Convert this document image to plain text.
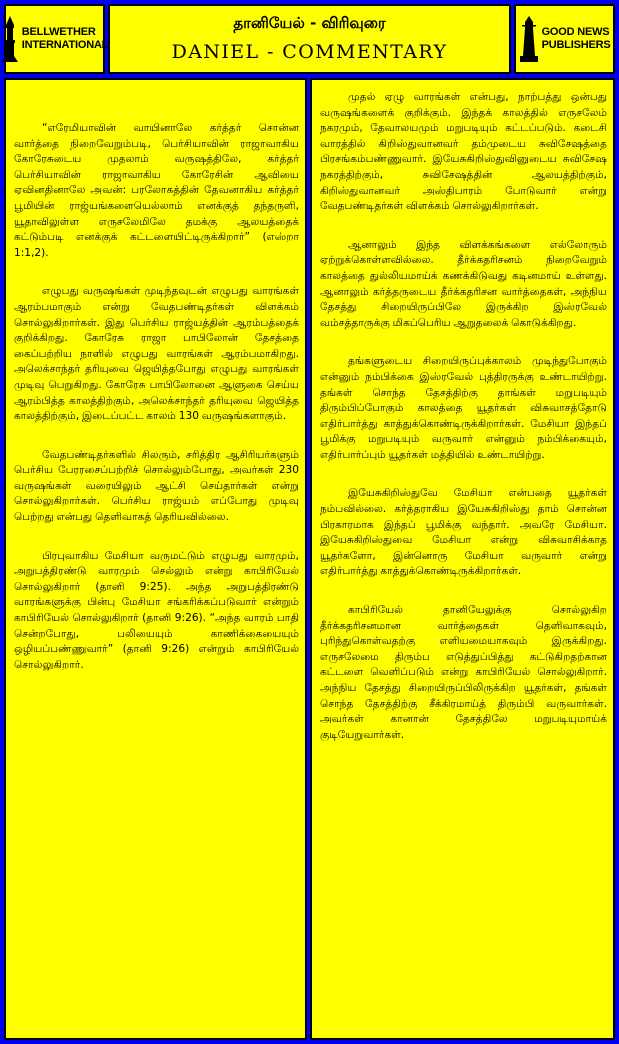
BELLWETHER INTERNATIONAL
தானியேல் - விரிவுரை
DANIEL - COMMENTARY
GOOD NEWS PUBLISHERS

“எரேமியாவின் வாயினாலே கர்த்தர் சொன்ன வார்த்தை நிறைவேறும்படி, பெர்சியாவின் ராஜாவாகிய கோரேசுடைய முதலாம் வருஷத்திலே, கர்த்தர் பெர்சியாவின் ராஜாவாகிய கோரேசின் ஆவியை ஏவினதினாலே அவன்: பரலோகத்தின் தேவனாகிய கர்த்தர் பூமியின் ராஜ்யங்களையெல்லாம் எனக்குத் தந்தருளி, யூதாவிலுள்ள எருசலேமிலே தமக்கு ஆலயத்தைக் கட்டும்படி எனக்குக் கட்டளையிட்டிருக்கிறார்” (எஸ்றா 1:1,2).

எழுபது வருஷங்கள் முடிந்தவுடன் எழுபது வாரங்கள் ஆரம்பமாகும் என்று வேதபண்டிதர்கள் விளக்கம் சொல்லுகிறார்கள். இது பெர்சிய ராஜ்யத்தின் ஆரம்பத்தைக் குறிக்கிறது. கோரேசு ராஜா பாபிலோன் தேசத்தை கைப்பற்றிய நாளில் எழுபது வாரங்கள் ஆரம்பமாகிறது. அலெக்சாந்தர் தரியுவை ஜெயித்தபோது எழுபது வாரங்கள் முடிவு பெறுகிறது. கோரேசு பாபிலோனை ஆளுகை செய்ய ஆரம்பித்த காலத்திற்கும், அலெக்சாந்தர் தரியுவை ஜெயித்த காலத்திற்கும், இடைப்பட்ட காலம் 130 வருஷங்களாகும்.

வேதபண்டிதர்களில் சிலரும், சரித்திர ஆசிரியர்களும் பெர்சிய பேரரசைப்பற்றிச் சொல்லும்போது, அவர்கள் 230 வருஷங்கள் வரையிலும் ஆட்சி செய்தார்கள் என்று சொல்லுகிறார்கள். பெர்சிய ராஜ்யம் எப்போது முடிவு பெற்றது என்பது தெளிவாகத் தெரியவில்லை.

பிரபுவாகிய மேசியா வருமட்டும் எழுபது வாரமும், அறுபத்திரண்டு வாரமும் செல்லும் என்று காபிரியேல் சொல்லுகிறார் (தானி 9:25). அந்த அறுபத்திரண்டு வாரங்களுக்கு பின்பு மேசியா சங்கரிக்கப்படுவார் என்றும் காபிரியேல் சொல்லுகிறார் (தானி 9:26). “அந்த வாரம் பாதி சென்றபோது, பலியையும் காணிக்கையையும் ஒழியப்பண்ணுவார்” (தானி 9:26) என்றும் காபிரியேல் சொல்லுகிறார்.

முதல் ஏழு வாரங்கள் என்பது, நாற்பத்து ஒன்பது வருஷங்களைக் குறிக்கும். இந்தக் காலத்தில் எருசலேம் நகரமும், தேவாலயமும் மறுபடியும் கட்டப்படும். கடைசி வாரத்தில் கிறிஸ்துவானவர் தம்முடைய சுவிசேஷத்தை பிரசங்கம்பண்ணுவார். இயேசுகிறிஸ்துவினுடைய சுவிசேஷ நகரத்திற்கும், சுவிசேஷத்தின் ஆலயத்திற்கும், கிறிஸ்துவானவர் அஸ்திபாரம் போடுவார் என்று வேதபண்டிதர்கள் விளக்கம் சொல்லுகிறார்கள்.

ஆனாலும் இந்த விளக்கங்களை எல்லோரும் ஏற்றுக்கொள்ளவில்லை. தீர்க்கதரிசனம் நிறைவேறும் காலத்தை துல்லியமாய்க் கணக்கிடுவது கடினமாய் உள்ளது. ஆனாலும் கர்த்தருடைய தீர்க்கதரிசன வார்த்தைகள், அந்நிய தேசத்து சிறையிருப்பிலே இருக்கிற இஸ்ரவேல் வம்சத்தாருக்கு மிகப்பெரிய ஆறுதலைக் கொடுக்கிறது.

தங்களுடைய சிறையிருப்புக்காலம் முடிந்துபோகும் என்னும் நம்பிக்கை இஸ்ரவேல் புத்திரருக்கு உண்டாயிற்று. தங்கள் சொந்த தேசத்திற்கு தாங்கள் மறுபடியும் திரும்பிப்போகும் காலத்தை யூதர்கள் விசுவாசத்தோடு எதிர்பார்த்து காத்துக்கொண்டிருக்கிறார்கள். மேசியா இந்தப் பூமிக்கு மறுபடியும் வருவார் என்னும் நம்பிக்கையும், எதிர்பார்ப்பும் யூதர்கள் மத்தியில் உண்டாயிற்று.

இயேசுகிறிஸ்துவே மேசியா என்பதை யூதர்கள் நம்பவில்லை. கர்த்தராகிய இயேசுகிறிஸ்து தாம் சொன்ன பிரகாரமாக இந்தப் பூமிக்கு வந்தார். அவரே மேசியா. இயேசுகிறிஸ்துவை மேசியா என்று விசுவாசிக்காத யூதர்களோ, இன்னொரு மேசியா வருவார் என்று எதிர்பார்த்து காத்துக்கொண்டிருக்கிறார்கள்.

காபிரியேல் தானியேலுக்கு சொல்லுகிற தீர்க்கதரிசனமான வார்த்தைகள் தெளிவாகவும், புரிந்துகொள்வதற்கு எளியமையாகவும் இருக்கிறது. எருசலேமை திரும்ப எடுத்துப்பித்து கட்டுகிறதற்கான கட்டளை வெளிப்படும் என்று காபிரியேல் சொல்லுகிறார். அந்நிய தேசத்து சிறையிருப்பிலிருக்கிற யூதர்கள், தங்கள் சொந்த தேசத்திற்கு சீக்கிரமாய்த் திரும்பி வருவார்கள். அவர்கள் கானான் தேசத்திலே மறுபடியுமாய்க் குடியேறுவார்கள்.
